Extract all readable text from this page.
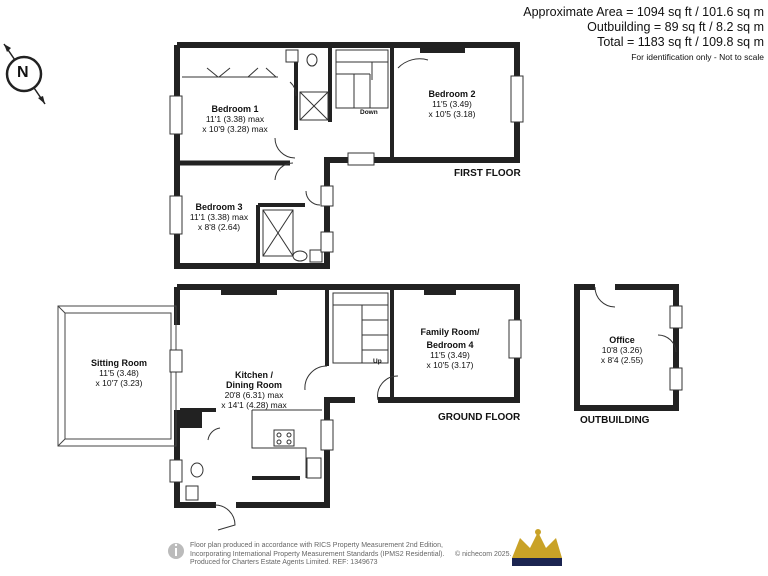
N
Approximate Area = 1094 sq ft / 101.6 sq m
Outbuilding = 89 sq ft / 8.2 sq m
Total = 1183 sq ft / 109.8 sq m
For identification only - Not to scale
Bedroom 1
11'1 (3.38) max
x 10'9 (3.28) max
Bedroom 2
11'5 (3.49)
x 10'5 (3.18)
Bedroom 3
11'1 (3.38) max
x 8'8 (2.64)
Down
FIRST FLOOR
Sitting Room
11'5 (3.48)
x 10'7 (3.23)
Kitchen /
Dining Room
20'8 (6.31) max
x 14'1 (4.28) max
Family Room/
Bedroom 4
11'5 (3.49)
x 10'5 (3.17)
Up
GROUND FLOOR
Office
10'8 (3.26)
x 8'4 (2.55)
OUTBUILDING
Floor plan produced in accordance with RICS Property Measurement 2nd Edition,
Incorporating International Property Measurement Standards (IPMS2 Residential).
Produced for Charters Estate Agents Limited. REF: 1349673
© nichecom 2025.
